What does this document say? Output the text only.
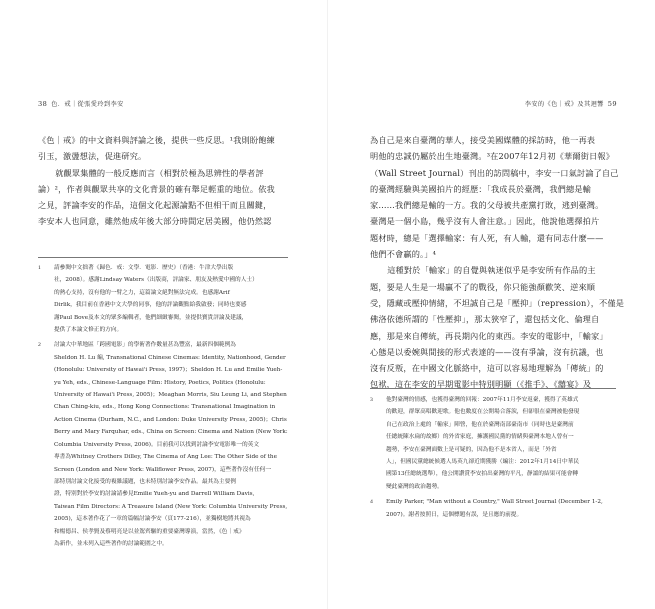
38 色．戒｜從張愛玲到李安

《色｜戒》的中文資料與評論之後，提供一些反思。¹我則盼飽練
引玉，激盪想法，促進研究。

就觀眾集體的一般反應而言（相對於極為思辨性的學者評
論）²，作者與觀眾共享的文化背景的確有舉足輕重的地位。依我
之見，評論李安的作品，這個文化起源論點不但相干而且關鍵，
李安本人也同意，雖然他成年後大部分時間定居美國，他仍然認

1	請參閱中文拙著《歸色．戒：文學．電影．歷史》（香港：牛津大學出版
社，2008）。感謝Lindsay Waters（出版商，評論家、朋友及熱愛中國的人士）
的熱心支持，沒有他的一臂之力，這篇論文絕對無法完成。也感謝Arif
Dirlik，我目前在香港中文大學的同事，他的評論觀點給我啟發；同時也要感
謝Paul Bove及本文的眾多編輯者，他們細緻審閱，並提供寶貴評論及建議，
提供了本論文修正的方向。
2	討論大中華地區「跨國電影」的學術著作數量甚為豐富，最新四個範例為
Sheldon H. Lu 編, Transnational Chinese Cinemas: Identity, Nationhood, Gender
(Honolulu: University of Hawai'i Press, 1997)；Sheldon H. Lu and Emilie Yueh-
yu Yeh, eds., Chinese-Language Film: History, Poetics, Politics (Honolulu:
University of Hawai'i Press, 2005)；Meaghan Morris, Siu Leung Li, and Stephen
Chan Ching-kiu, eds., Hong Kong Connections: Transnational Imagination in
Action Cinema (Durham, N.C., and London: Duke University Press, 2005)；Chris
Berry and Mary Farquhar, eds., China on Screen: Cinema and Nation (New York:
Columbia University Press, 2006)。目前我可以找到討論李安電影唯一的英文
專書為Whitney Crothers Dilley, The Cinema of Ang Lee: The Other Side of the
Screen (London and New York: Wallflower Press, 2007)，這些著作沒有任何一
部特別討論文化接受的複雜議題，也未特別討論李安作品。最其為主要例
證，特別對於李安的討論請參見Emilie Yueh-yu and Darrell William Davis,
Taiwan Film Directors: A Treasure Island (New York: Columbia University Press,
2005)，這本著作花了一章的篇幅討論李安（頁177-216），並獨樹地將其視為
和楊德昌、侯孝賢及蔡明亮是以並駕齊驅的重要臺灣導演，當然，《色｜戒》
為新作，並未列入這些著作的討論範圍之中。
李安的《色｜戒》及其迴響 59

為自己是來自臺灣的華人，接受美國媒體的採訪時，他一再表
明他的忠誠仍屬於出生地臺灣。³在2007年12月初《華爾街日報》
（Wall Street Journal）刊出的訪問稿中，李安一口氣討論了自己
的臺灣經驗與美國拍片的經歷：「我成長於臺灣，我們總是輸
家……我們總是輸的一方。我的父母被共產黨打敗，逃到臺灣。
臺灣是一個小島，幾乎沒有人會注意。」因此，他說他選擇拍片
題材時，總是「選擇輸家：有人死，有人輸，還有同志什麼——
他們不會贏的。」⁴

這種對於「輸家」的自覺與執迷似乎是李安所有作品的主
題，要是人生是一場贏不了的戰役，你只能強顏歡笑、逆來順
受，隱藏或壓抑情緒，不坦誠自己是「壓抑」（repression），不僅是
佛洛依德所謂的「性壓抑」，那太狹窄了，還包括文化、倫理自
應，那是來自傳統，再長期內化的東西。李安的電影中，「輸家」
心態是以委婉與間接的形式表達的——沒有爭論，沒有抗議，也
沒有反叛，在中國文化脈絡中，這可以容易地理解為「傳統」的
包袱，這在李安的早期電影中特別明顯（《推手》、《囍宴》及

3	他對臺灣的情感，也獲得臺灣的回報：2007年11月李安返臺，獲得了英雄式
的歡迎，群眾高唱歡迎歌。他也數度在公開場合落淚，但卻很在臺灣被他發現
自己在政治上處的「輸家」陣營，他在於臺灣南部臺南市（同時也是臺灣前
任總統陳水扁的故鄉）的外省家庭，擁護國民黨的情緒與臺灣本地人曾有一
趨勢，李安在臺灣面數上是可疑的，因為他不是本省人，而是「外省
人」，但國民黨總統候選人馬英九卻近期獲勝（編注：2012年1月14日中華民
國第13任總統選舉），他公開讚賞李安拍出臺灣的平凡，靜謐的結果可能會轉
變此臺灣的政治趨勢。
4	Emily Parker, "Man without a Country," Wall Street Journal (December 1-2,
2007)。謝者按照日，這個標題有誤，是且應的前提。
